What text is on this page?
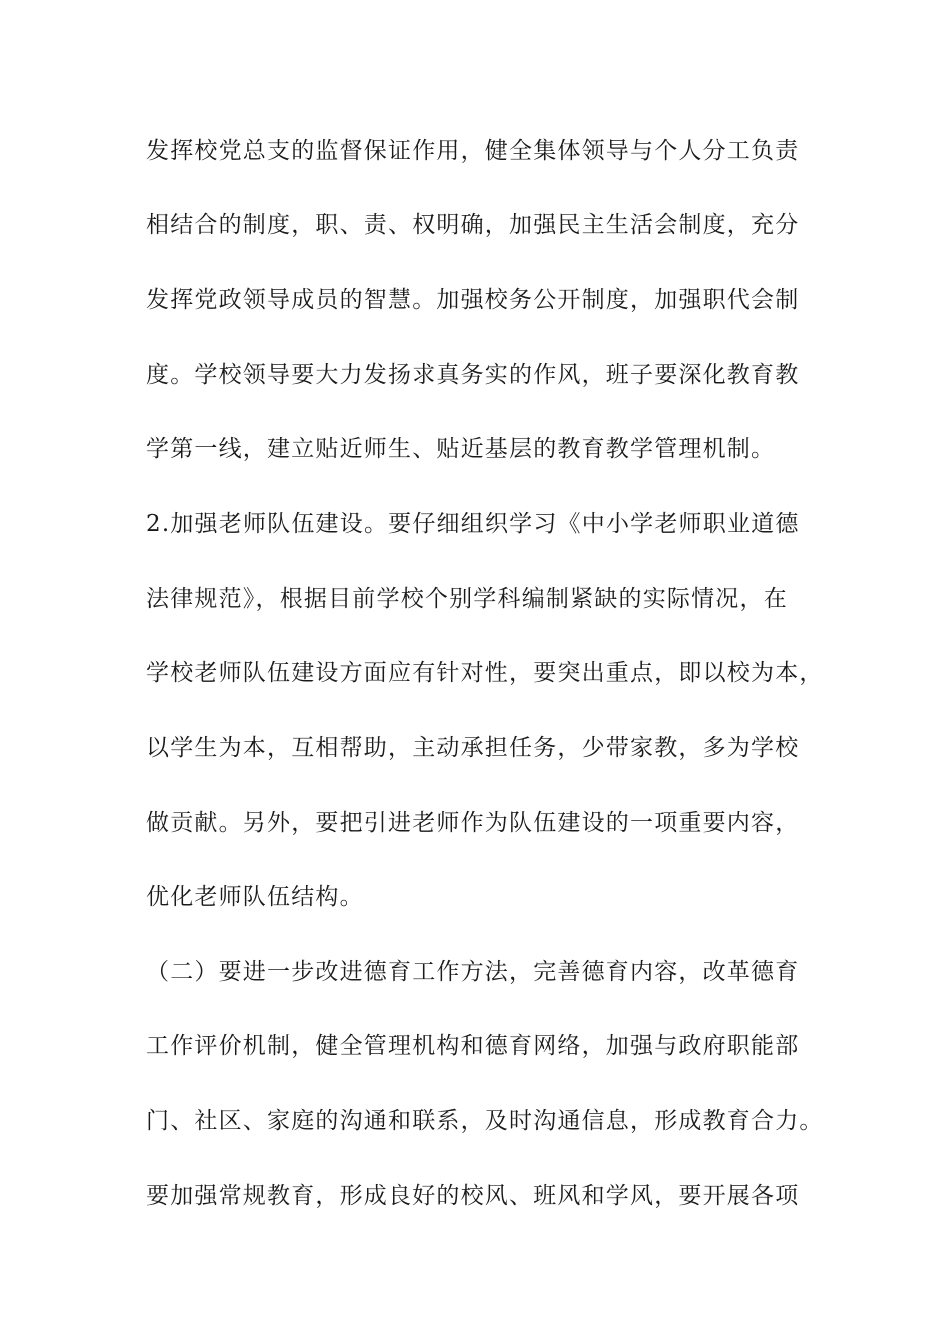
发挥校党总支的监督保证作用，健全集体领导与个人分工负责
相结合的制度，职、责、权明确，加强民主生活会制度，充分
发挥党政领导成员的智慧。加强校务公开制度，加强职代会制
度。学校领导要大力发扬求真务实的作风，班子要深化教育教
学第一线，建立贴近师生、贴近基层的教育教学管理机制。
2.加强老师队伍建设。要仔细组织学习《中小学老师职业道德
法律规范》，根据目前学校个别学科编制紧缺的实际情况，在
学校老师队伍建设方面应有针对性，要突出重点，即以校为本，
以学生为本，互相帮助，主动承担任务，少带家教，多为学校
做贡献。另外，要把引进老师作为队伍建设的一项重要内容，
优化老师队伍结构。
（二）要进一步改进德育工作方法，完善德育内容，改革德育
工作评价机制，健全管理机构和德育网络，加强与政府职能部
门、社区、家庭的沟通和联系，及时沟通信息，形成教育合力。
要加强常规教育，形成良好的校风、班风和学风，要开展各项
